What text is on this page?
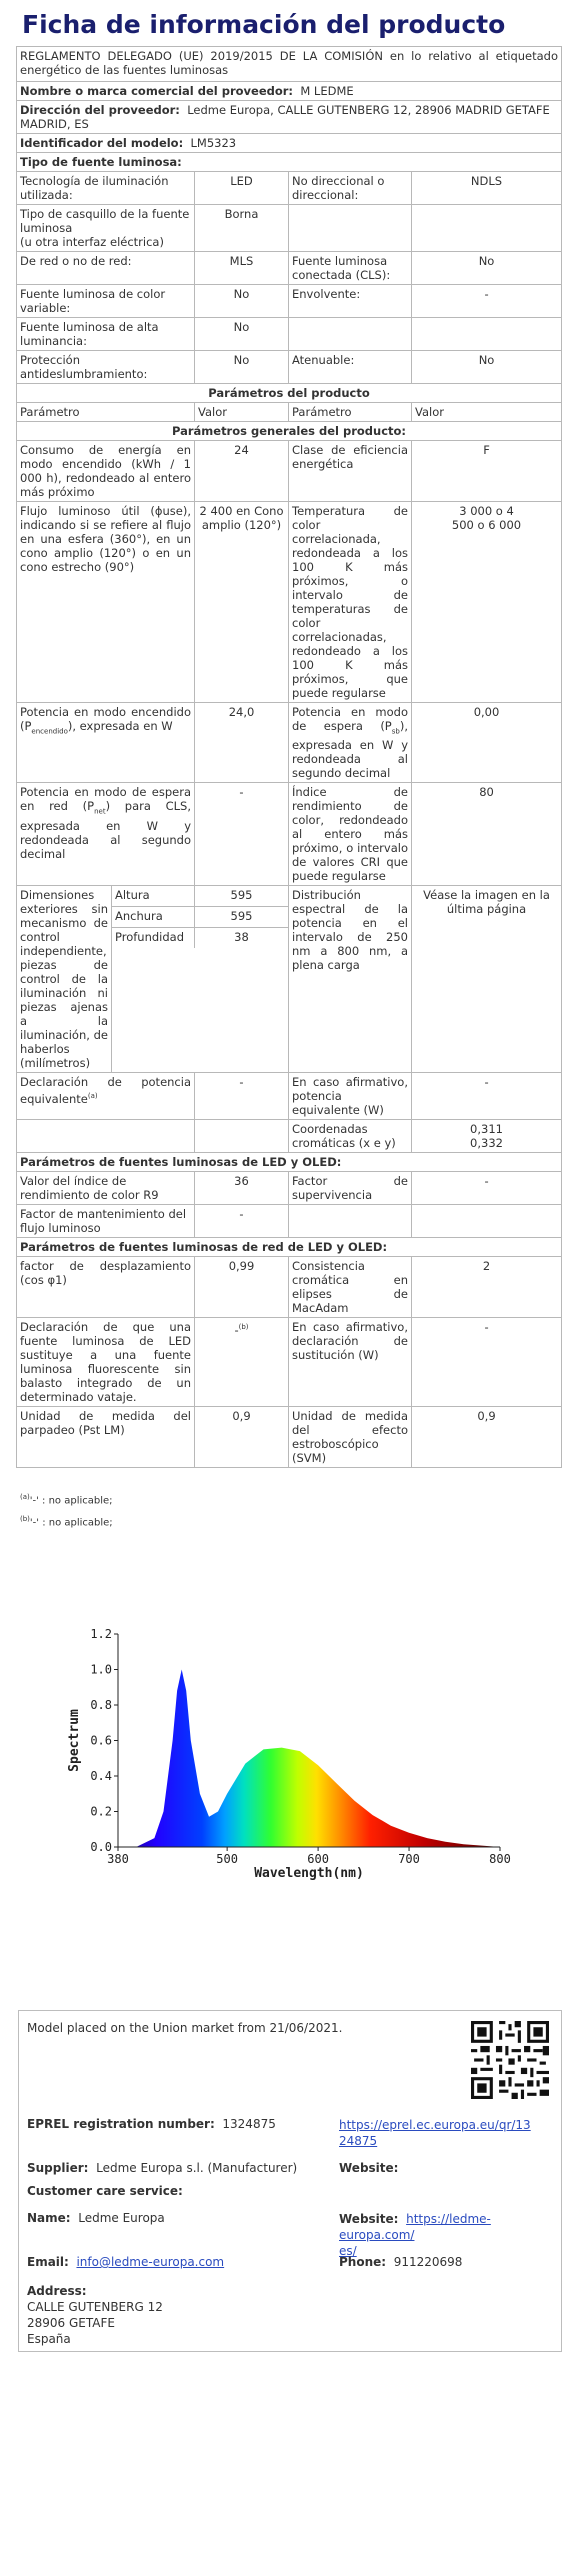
Ficha de información del producto
REGLAMENTO DELEGADO (UE) 2019/2015 DE LA COMISIÓN en lo relativo al etiquetado energético de las fuentes luminosas				
Nombre o marca comercial del proveedor: M LEDME				
Dirección del proveedor: Ledme Europa, CALLE GUTENBERG 12, 28906 MADRID GETAFE MADRID, ES				
Identificador del modelo: LM5323				
Tipo de fuente luminosa:				
Tecnología de iluminación utilizada:		LED	No direccional o direccional:	NDLS
Tipo de casquillo de la fuente luminosa
(u otra interfaz eléctrica)		Borna		
De red o no de red:		MLS	Fuente luminosa conectada (CLS):	No
Fuente luminosa de color variable:		No	Envolvente:	-
Fuente luminosa de alta luminancia:		No		
Protección antideslumbramiento:		No	Atenuable:	No
Parámetros del producto				
Parámetro		Valor	Parámetro	Valor
Parámetros generales del producto:				
Consumo de energía en modo encendido (kWh / 1 000 h), redondeado al entero más próximo		24	Clase de eficiencia energética	F
Flujo luminoso útil (ϕuse), indicando si se refiere al flujo en una esfera (360°), en un cono amplio (120°) o en un cono estrecho (90°)		2 400 en Cono amplio (120°)	Temperatura de color correlacionada, redondeada a los 100 K más próximos, o intervalo de temperaturas de color correlacionadas, redondeado a los 100 K más próximos, que puede regularse	3 000 o 4
500 o 6 000
Potencia en modo encendido $(P_{encendido})$, expresada en W		24,0	Potencia en modo de espera $(P_{sb})$, expresada en W y redondeada al segundo decimal	0,00
Potencia en modo de espera en red $(P_{net})$ para CLS, expresada en W y redondeada al segundo decimal		-	Índice de rendimiento de color, redondeado al entero más próximo, o intervalo de valores CRI que puede regularse	80
Dimensiones exteriores sin mecanismo de control independiente, piezas de control de la iluminación ni piezas ajenas a la iluminación, de haberlos (milímetros)	Altura	595	Distribución espectral de la potencia en el intervalo de 250 nm a 800 nm, a plena carga	Véase la imagen en la última página
	Anchura	595		
	Profundidad	38		

Declaración de potencia equivalente$^{(a)}$		-	En caso afirmativo, potencia equivalente (W)	-
			Coordenadas cromáticas (x e y)	0,311
0,332
Parámetros de fuentes luminosas de LED y OLED:				
Valor del índice de rendimiento de color R9		36	Factor de supervivencia	-
Factor de mantenimiento del flujo luminoso		-		
Parámetros de fuentes luminosas de red de LED y OLED:				
factor de desplazamiento (cos φ1)		0,99	Consistencia cromática en elipses de MacAdam	2
Declaración de que una fuente luminosa de LED sustituye a una fuente luminosa fluorescente sin balasto integrado de un determinado vataje.		-$^{(b)}$	En caso afirmativo, declaración de sustitución (W)	-
Unidad de medida del parpadeo (Pst LM)		0,9	Unidad de medida del efecto estroboscópico (SVM)	0,9
$^{(a)}$'-' : no aplicable;
$^{(b)}$'-' : no aplicable;
0.0
0.2
0.4
0.6
0.8
1.0
1.2
380	500	600	700	800
Wavelength(nm)
Spectrum
Model placed on the Union market from 21/06/2021.
EPREL registration number: 1324875	https://eprel.ec.europa.eu/qr/13
24875
Supplier: Ledme Europa s.l. (Manufacturer)	Website:
Customer care service:
Name: Ledme Europa	Website: https://ledme-europa.com/
es/
Email: info@ledme-europa.com	Phone: 911220698
Address:
CALLE GUTENBERG 12
28906 GETAFE
España
